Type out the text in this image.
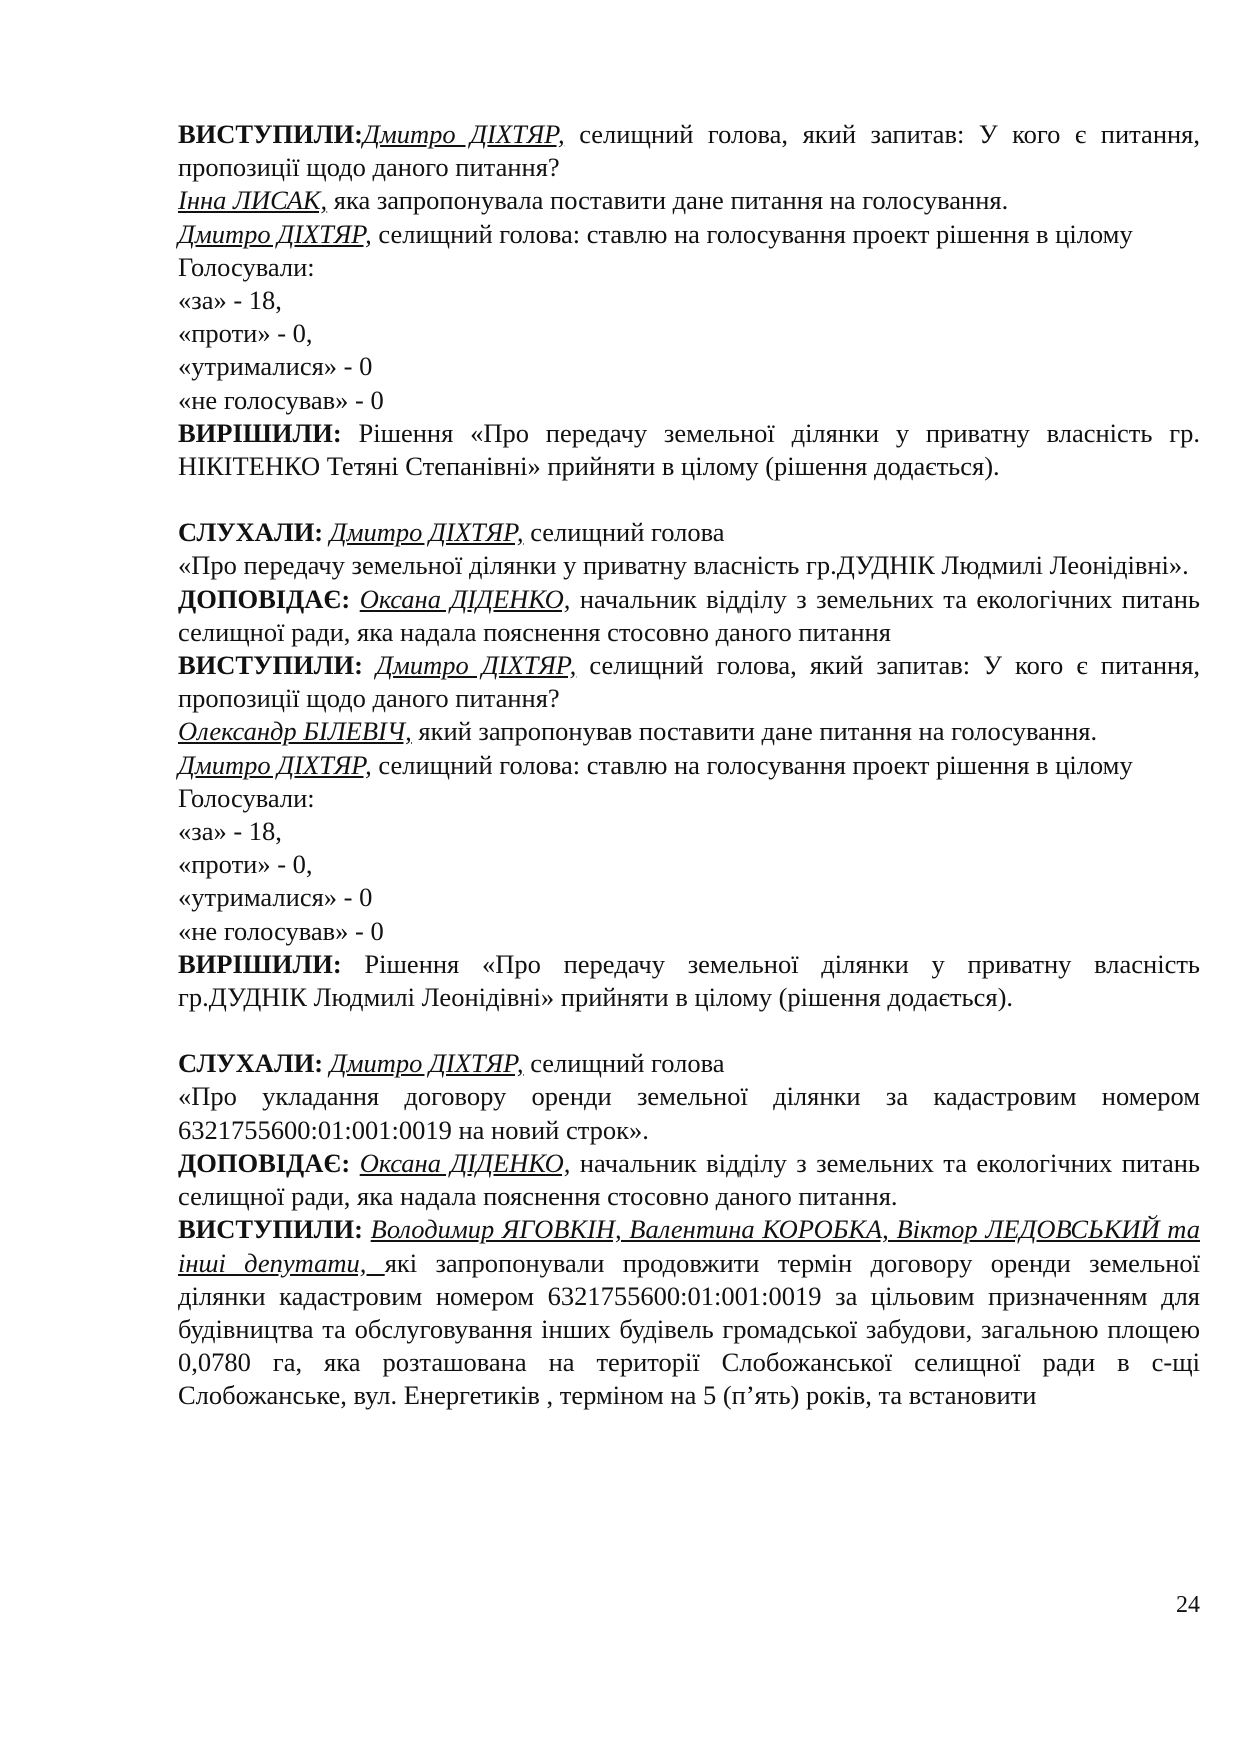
ВИСТУПИЛИ:Дмитро ДІХТЯР, селищний голова, який запитав: У кого є питання, пропозиції щодо даного питання?

Інна ЛИСАК, яка запропонувала поставити дане питання на голосування.

Дмитро ДІХТЯР, селищний голова: ставлю на голосування проект рішення в цілому

Голосували:

«за» - 18,

«проти» - 0,

«утрималися» - 0

«не голосував» - 0

ВИРІШИЛИ: Рішення «Про передачу земельної ділянки у приватну власність гр. НІКІТЕНКО Тетяні Степанівні» прийняти в цілому (рішення додається).

СЛУХАЛИ: Дмитро ДІХТЯР, селищний голова

«Про передачу земельної ділянки у приватну власність гр.ДУДНІК Людмилі Леонідівні».

ДОПОВІДАЄ: Оксана ДІДЕНКО, начальник відділу з земельних та екологічних питань селищної ради, яка надала пояснення стосовно даного питання

ВИСТУПИЛИ: Дмитро ДІХТЯР, селищний голова, який запитав: У кого є питання, пропозиції щодо даного питання?

Олександр БІЛЕВІЧ, який запропонував поставити дане питання на голосування.

Дмитро ДІХТЯР, селищний голова: ставлю на голосування проект рішення в цілому

Голосували:

«за» - 18,

«проти» - 0,

«утрималися» - 0

«не голосував» - 0

ВИРІШИЛИ: Рішення «Про передачу земельної ділянки у приватну власність гр.ДУДНІК Людмилі Леонідівні» прийняти в цілому (рішення додається).

СЛУХАЛИ: Дмитро ДІХТЯР, селищний голова

«Про укладання договору оренди земельної ділянки за кадастровим номером 6321755600:01:001:0019 на новий строк».

ДОПОВІДАЄ: Оксана ДІДЕНКО, начальник відділу з земельних та екологічних питань селищної ради, яка надала пояснення стосовно даного питання.

ВИСТУПИЛИ: Володимир ЯГОВКІН, Валентина КОРОБКА, Віктор ЛЕДОВСЬКИЙ та інші депутати, які запропонували продовжити термін договору оренди земельної ділянки кадастровим номером 6321755600:01:001:0019 за цільовим призначенням для будівництва та обслуговування інших будівель громадської забудови, загальною площею 0,0780 га, яка розташована на території Слобожанської селищної ради в с-щі Слобожанське, вул. Енергетиків , терміном на 5 (п’ять) років, та встановити

24
